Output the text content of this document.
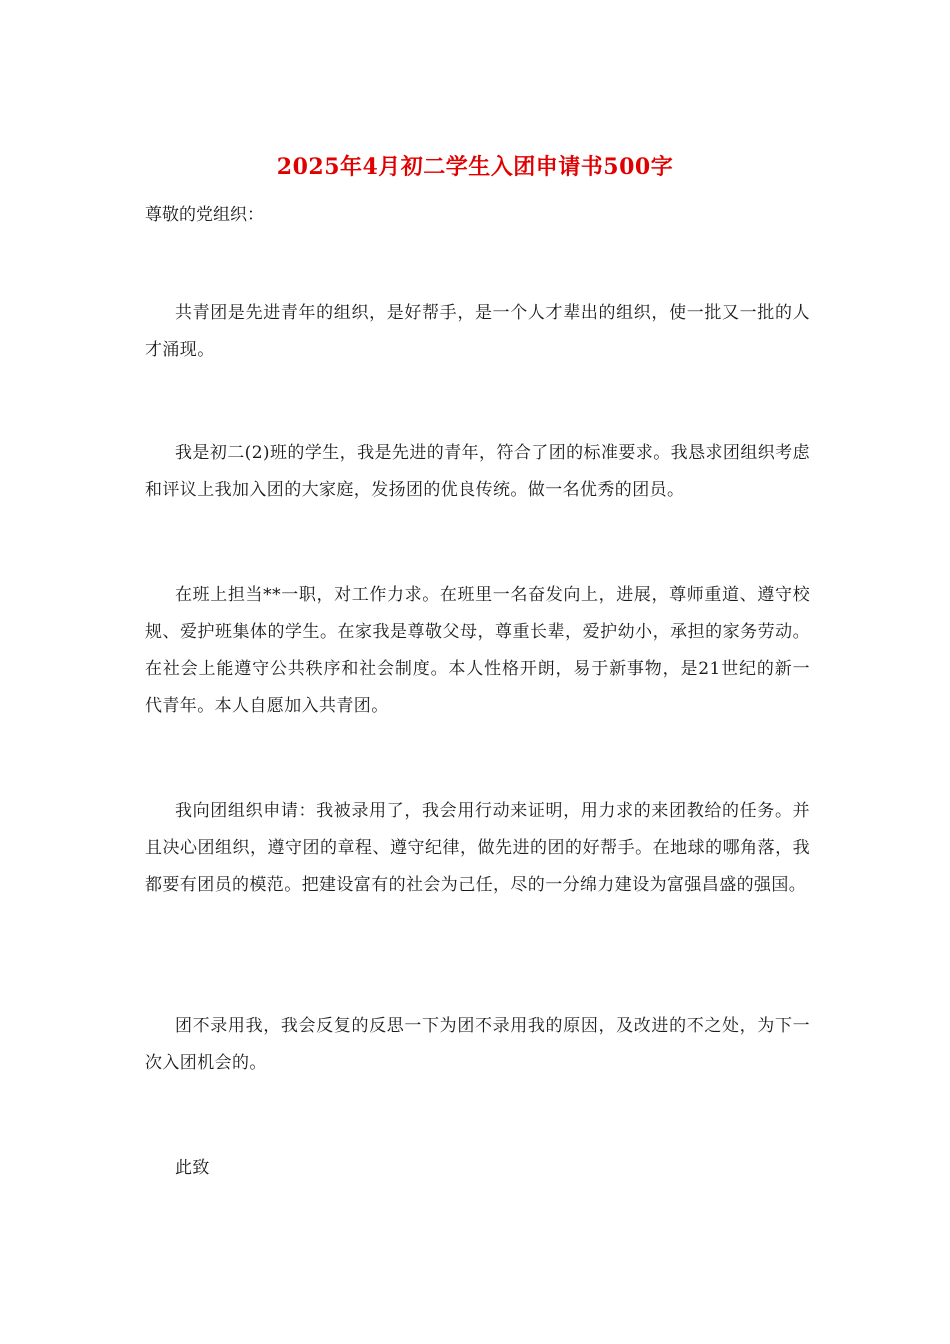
2025年4月初二学生入团申请书500字

尊敬的党组织：

共青团是先进青年的组织，是好帮手，是一个人才辈出的组织，使一批又一批的人才涌现。

我是初二(2)班的学生，我是先进的青年，符合了团的标准要求。我恳求团组织考虑和评议上我加入团的大家庭，发扬团的优良传统。做一名优秀的团员。

在班上担当**一职，对工作力求。在班里一名奋发向上，进展，尊师重道、遵守校规、爱护班集体的学生。在家我是尊敬父母，尊重长辈，爱护幼小，承担的家务劳动。在社会上能遵守公共秩序和社会制度。本人性格开朗，易于新事物，是21世纪的新一代青年。本人自愿加入共青团。

我向团组织申请：我被录用了，我会用行动来证明，用力求的来团教给的任务。并且决心团组织，遵守团的章程、遵守纪律，做先进的团的好帮手。在地球的哪角落，我都要有团员的模范。把建设富有的社会为己任，尽的一分绵力建设为富强昌盛的强国。

团不录用我，我会反复的反思一下为团不录用我的原因，及改进的不之处，为下一次入团机会的。

此致
